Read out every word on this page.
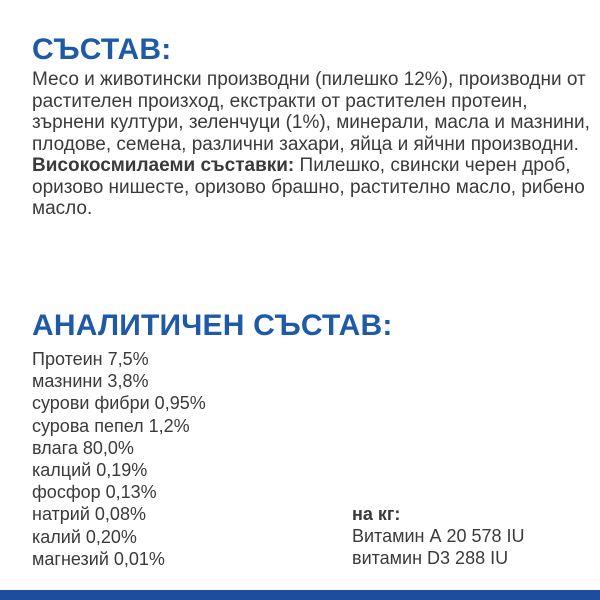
СЪСТАВ:

Месо и животински производни (пилешко 12%), производни от растителен произход, екстракти от растителен протеин, зърнени култури, зеленчуци (1%), минерали, масла и мазнини, плодове, семена, различни захари, яйца и яйчни производни.

Високосмилаеми съставки: Пилешко, свински черен дроб, оризово нишесте, оризово брашно, растително масло, рибено масло.

АНАЛИТИЧЕН СЪСТАВ:
Протеин 7,5%
мазнини 3,8%
сурови фибри 0,95%
сурова пепел 1,2%
влага 80,0%
калций 0,19%
фосфор 0,13%
натрий 0,08%
калий 0,20%
магнезий 0,01%
на кг:
Витамин А 20 578 IU
витамин D3 288 IU
